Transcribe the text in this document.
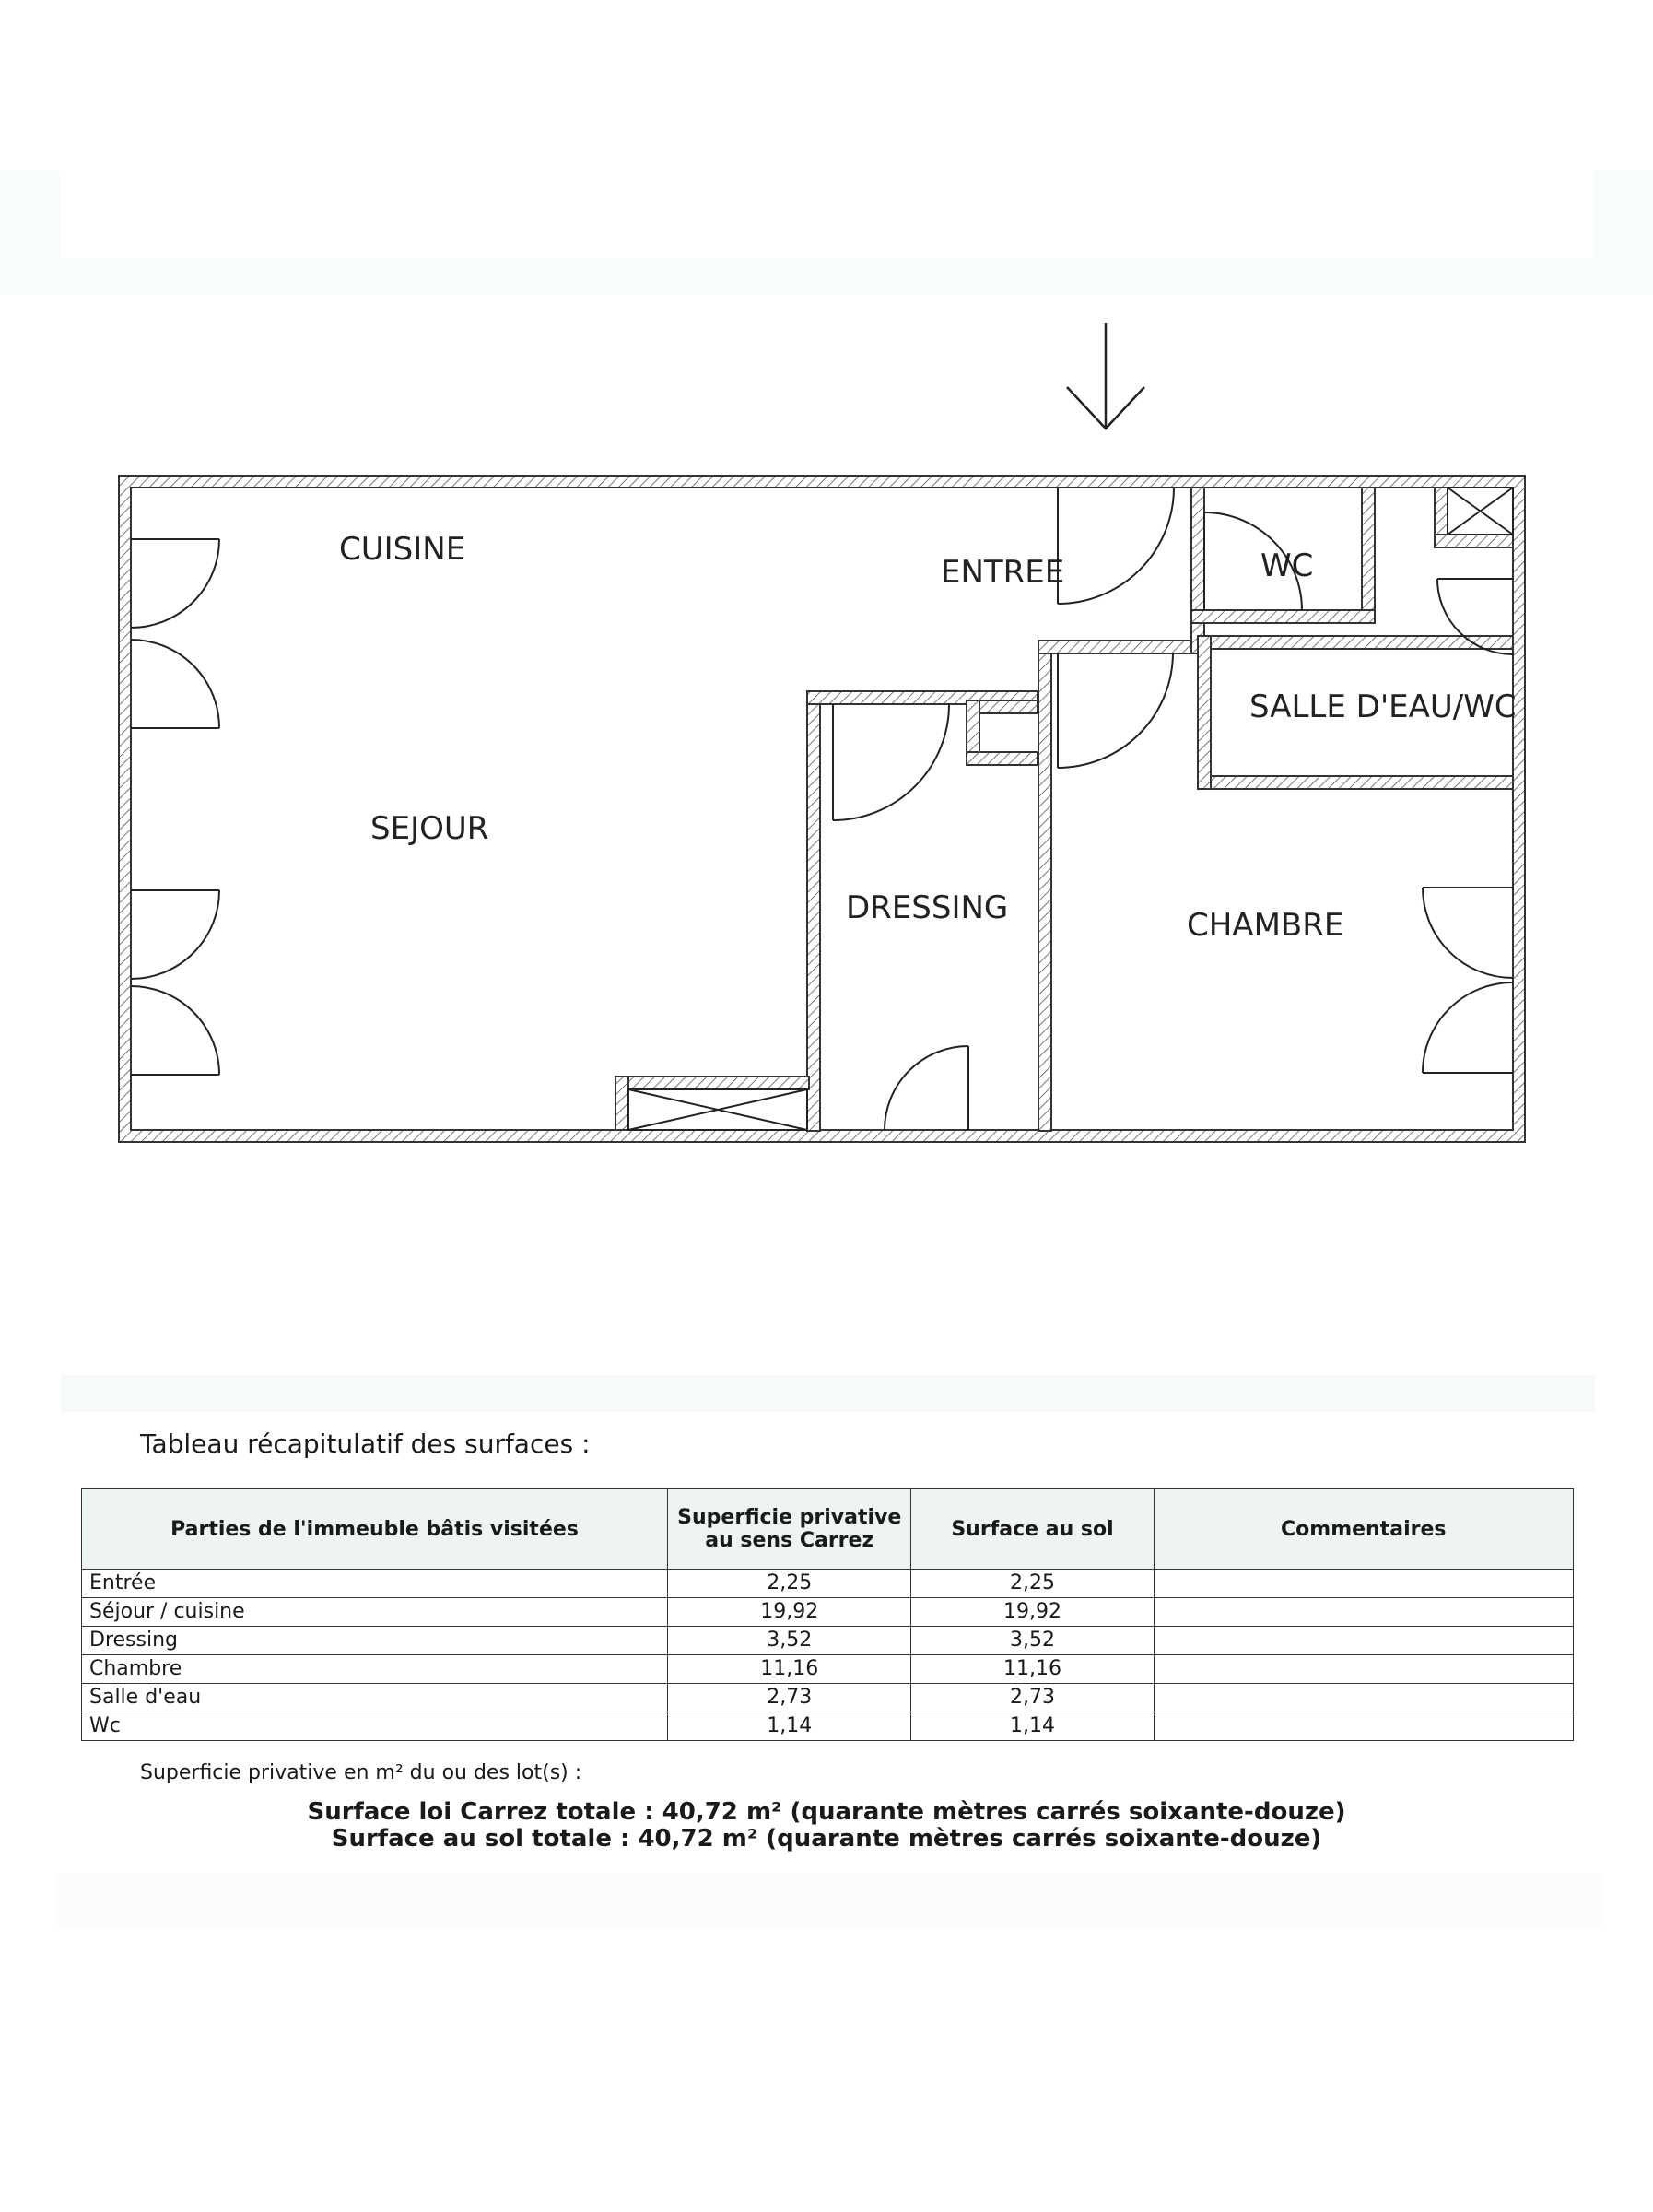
CUISINE
ENTREE	WC
SALLE D'EAU/WC
SEJOUR
DRESSING	CHAMBRE
Tableau récapitulatif des surfaces :
Parties de l'immeuble bâtis visitées	Superficie privative au sens Carrez	Surface au sol	Commentaires
Entrée	2,25	2,25	
Séjour / cuisine	19,92	19,92	
Dressing	3,52	3,52	
Chambre	11,16	11,16	
Salle d'eau	2,73	2,73	
Wc	1,14	1,14	
Superficie privative en m² du ou des lot(s) :
Surface loi Carrez totale : 40,72 m² (quarante mètres carrés soixante-douze)
Surface au sol totale : 40,72 m² (quarante mètres carrés soixante-douze)
